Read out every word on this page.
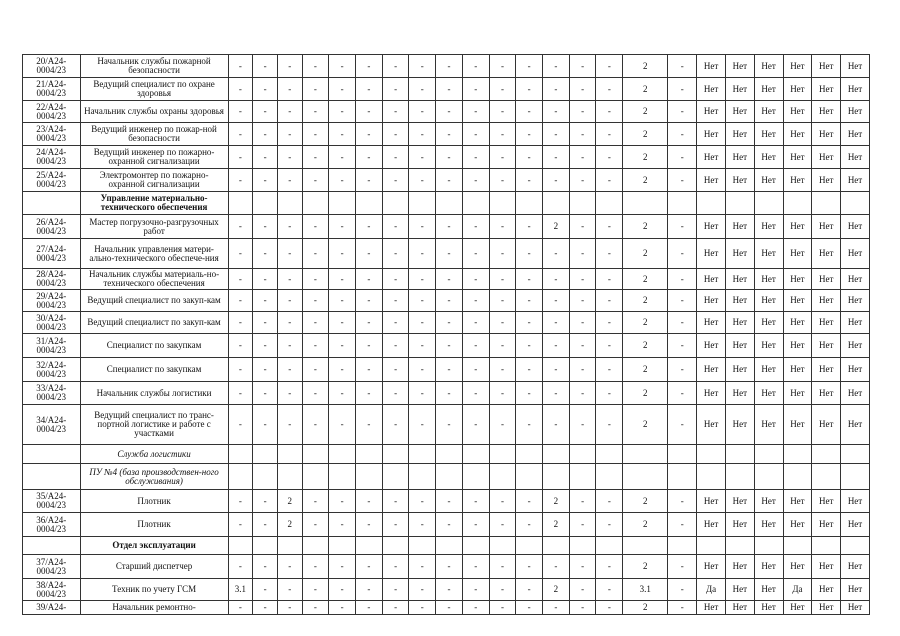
20/А24-0004/23	Начальник службы пожарной безопасности	-	-	-	-	-	-	-	-	-	-	-	-	-	-	-	2	-	Нет	Нет	Нет	Нет	Нет	Нет
21/А24-0004/23	Ведущий специалист по охране здоровья	-	-	-	-	-	-	-	-	-	-	-	-	-	-	-	2	-	Нет	Нет	Нет	Нет	Нет	Нет
22/А24-0004/23	Начальник службы охраны здоровья	-	-	-	-	-	-	-	-	-	-	-	-	-	-	-	2	-	Нет	Нет	Нет	Нет	Нет	Нет
23/А24-0004/23	Ведущий инженер по пожар-ной безопасности	-	-	-	-	-	-	-	-	-	-	-	-	-	-	-	2	-	Нет	Нет	Нет	Нет	Нет	Нет
24/А24-0004/23	Ведущий инженер по пожарно-охранной сигнализации	-	-	-	-	-	-	-	-	-	-	-	-	-	-	-	2	-	Нет	Нет	Нет	Нет	Нет	Нет
25/А24-0004/23	Электромонтер по пожарно-охранной сигнализации	-	-	-	-	-	-	-	-	-	-	-	-	-	-	-	2	-	Нет	Нет	Нет	Нет	Нет	Нет
	Управление материально-технического обеспечения																							
26/А24-0004/23	Мастер погрузочно-разгрузочных работ	-	-	-	-	-	-	-	-	-	-	-	-	2	-	-	2	-	Нет	Нет	Нет	Нет	Нет	Нет
27/А24-0004/23	Начальник управления матери-ально-технического обеспече-ния	-	-	-	-	-	-	-	-	-	-	-	-	-	-	-	2	-	Нет	Нет	Нет	Нет	Нет	Нет
28/А24-0004/23	Начальник службы материаль-но-технического обеспечения	-	-	-	-	-	-	-	-	-	-	-	-	-	-	-	2	-	Нет	Нет	Нет	Нет	Нет	Нет
29/А24-0004/23	Ведущий специалист по закуп-кам	-	-	-	-	-	-	-	-	-	-	-	-	-	-	-	2	-	Нет	Нет	Нет	Нет	Нет	Нет
30/А24-0004/23	Ведущий специалист по закуп-кам	-	-	-	-	-	-	-	-	-	-	-	-	-	-	-	2	-	Нет	Нет	Нет	Нет	Нет	Нет
31/А24-0004/23	Специалист по закупкам	-	-	-	-	-	-	-	-	-	-	-	-	-	-	-	2	-	Нет	Нет	Нет	Нет	Нет	Нет
32/А24-0004/23	Специалист по закупкам	-	-	-	-	-	-	-	-	-	-	-	-	-	-	-	2	-	Нет	Нет	Нет	Нет	Нет	Нет
33/А24-0004/23	Начальник службы логистики	-	-	-	-	-	-	-	-	-	-	-	-	-	-	-	2	-	Нет	Нет	Нет	Нет	Нет	Нет
34/А24-0004/23	Ведущий специалист по транс-портной логистике и работе с участками	-	-	-	-	-	-	-	-	-	-	-	-	-	-	-	2	-	Нет	Нет	Нет	Нет	Нет	Нет
	Служба логистики																							
	ПУ №4 (база производствен-ного обслуживания)																							
35/А24-0004/23	Плотник	-	-	2	-	-	-	-	-	-	-	-	-	2	-	-	2	-	Нет	Нет	Нет	Нет	Нет	Нет
36/А24-0004/23	Плотник	-	-	2	-	-	-	-	-	-	-	-	-	2	-	-	2	-	Нет	Нет	Нет	Нет	Нет	Нет
	Отдел эксплуатации																							
37/А24-0004/23	Старший диспетчер	-	-	-	-	-	-	-	-	-	-	-	-	-	-	-	2	-	Нет	Нет	Нет	Нет	Нет	Нет
38/А24-0004/23	Техник по учету ГСМ	3.1	-	-	-	-	-	-	-	-	-	-	-	2	-	-	3.1	-	Да	Нет	Нет	Да	Нет	Нет
39/А24-	Начальник ремонтно-	-	-	-	-	-	-	-	-	-	-	-	-	-	-	-	2	-	Нет	Нет	Нет	Нет	Нет	Нет
